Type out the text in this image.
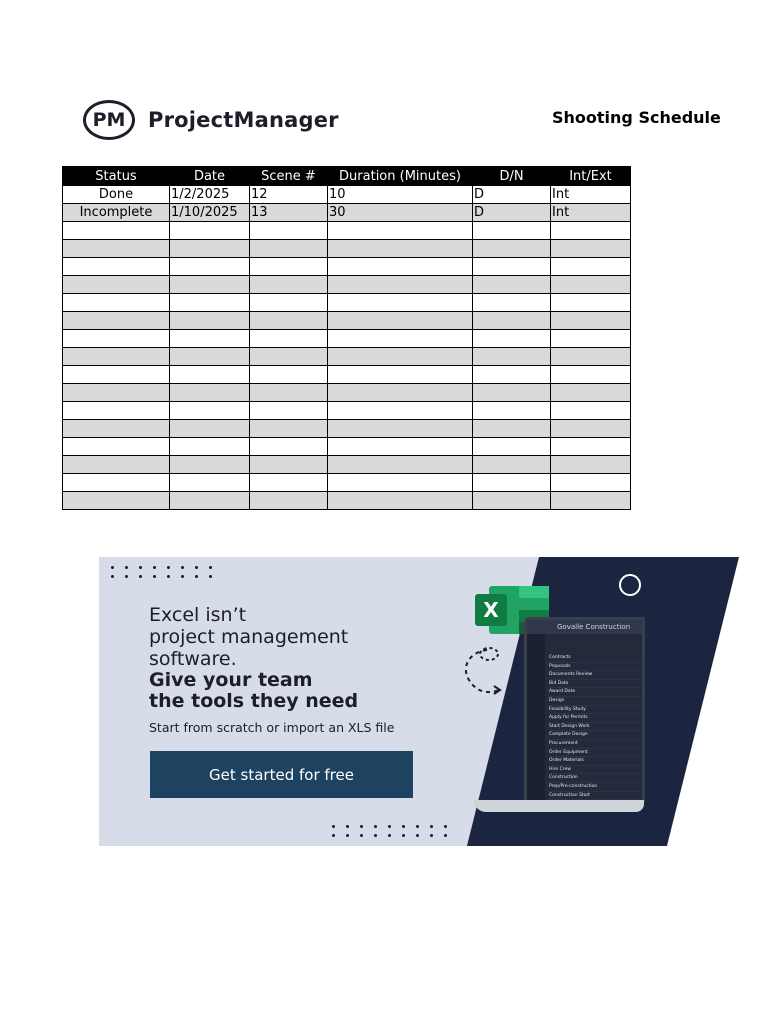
PM	ProjectManager	Shooting Schedule
Status	Date	Scene #	Duration (Minutes)	D/N	Int/Ext
Done	1/2/2025	12	10	D	Int
Incomplete	1/10/2025	13	30	D	Int

Excel isn’t
project management
software.
Give your team
the tools they need
Start from scratch or import an XLS file
Get started for free
X
Govalle Construction
Contracts
Proposals
Documents Review
Bid Date
Award Date
Design
Feasibility Study
Apply for Permits
Start Design Work
Complete Design
Procurement
Order Equipment
Order Materials
Hire Crew
Construction
Prep/Pre-construction
Construction Start
